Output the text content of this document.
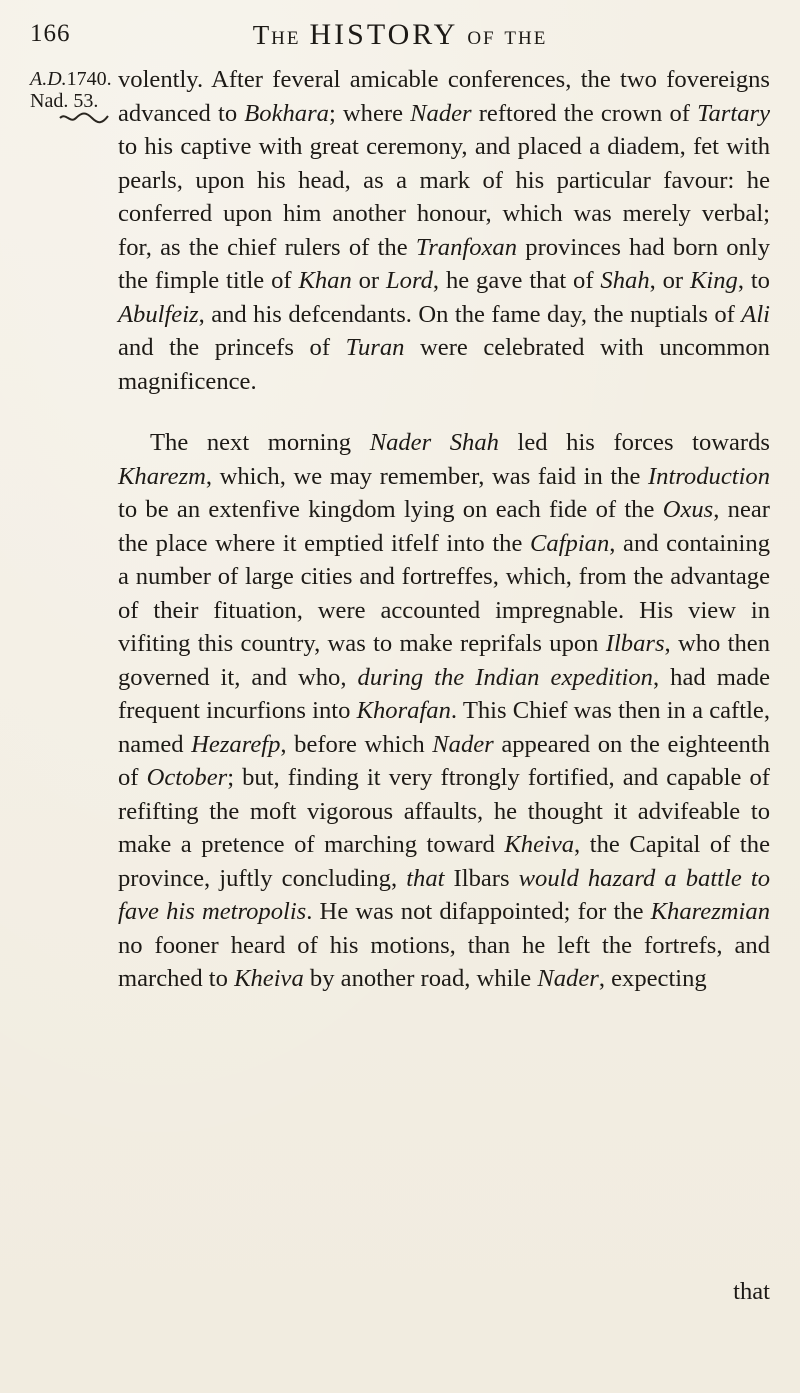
166	The HISTORY of the
A.D.1740.
Nad. 53.

volently. After feveral amicable conferences, the two fovereigns advanced to Bokhara; where Nader reftored the crown of Tartary to his captive with great ceremony, and placed a diadem, fet with pearls, upon his head, as a mark of his particular favour: he conferred upon him another honour, which was merely verbal; for, as the chief rulers of the Tranfoxan provinces had born only the fimple title of Khan or Lord, he gave that of Shah, or King, to Abulfeiz, and his defcendants. On the fame day, the nuptials of Ali and the princefs of Turan were celebrated with uncommon magnificence.

The next morning Nader Shah led his forces towards Kharezm, which, we may remember, was faid in the Introduction to be an extenfive kingdom lying on each fide of the Oxus, near the place where it emptied itfelf into the Cafpian, and containing a number of large cities and fortreffes, which, from the advantage of their fituation, were accounted impregnable. His view in vifiting this country, was to make reprifals upon Ilbars, who then governed it, and who, during the Indian expedition, had made frequent incurfions into Khorafan. This Chief was then in a caftle, named Hezarefp, before which Nader appeared on the eighteenth of October; but, finding it very ftrongly fortified, and capable of refifting the moft vigorous affaults, he thought it advifeable to make a pretence of marching toward Kheiva, the Capital of the province, juftly concluding, that Ilbars would hazard a battle to fave his metropolis. He was not difappointed; for the Kharezmian no fooner heard of his motions, than he left the fortrefs, and marched to Kheiva by another road, while Nader, expecting

that
